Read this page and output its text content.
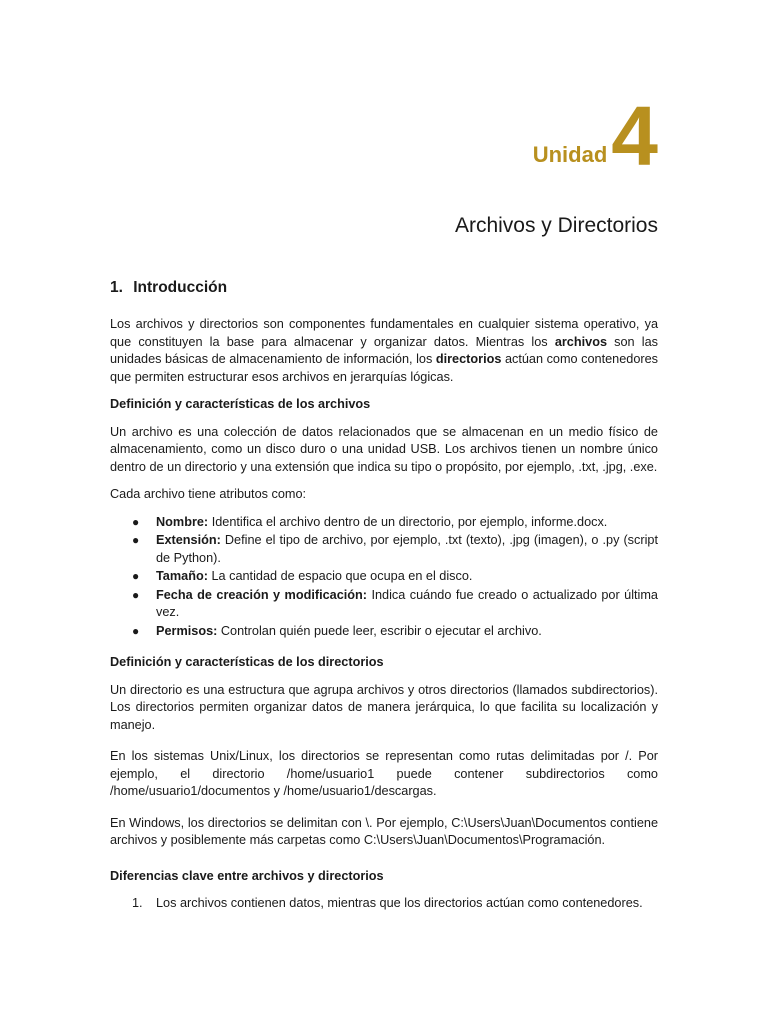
Unidad 4
Archivos y Directorios
1. Introducción

Los archivos y directorios son componentes fundamentales en cualquier sistema operativo, ya que constituyen la base para almacenar y organizar datos. Mientras los archivos son las unidades básicas de almacenamiento de información, los directorios actúan como contenedores que permiten estructurar esos archivos en jerarquías lógicas.

Definición y características de los archivos

Un archivo es una colección de datos relacionados que se almacenan en un medio físico de almacenamiento, como un disco duro o una unidad USB. Los archivos tienen un nombre único dentro de un directorio y una extensión que indica su tipo o propósito, por ejemplo, .txt, .jpg, .exe.

Cada archivo tiene atributos como:

● Nombre: Identifica el archivo dentro de un directorio, por ejemplo, informe.docx.
● Extensión: Define el tipo de archivo, por ejemplo, .txt (texto), .jpg (imagen), o .py (script de Python).
● Tamaño: La cantidad de espacio que ocupa en el disco.
● Fecha de creación y modificación: Indica cuándo fue creado o actualizado por última vez.
● Permisos: Controlan quién puede leer, escribir o ejecutar el archivo.
Definición y características de los directorios

Un directorio es una estructura que agrupa archivos y otros directorios (llamados subdirectorios). Los directorios permiten organizar datos de manera jerárquica, lo que facilita su localización y manejo.

En los sistemas Unix/Linux, los directorios se representan como rutas delimitadas por /. Por ejemplo, el directorio /home/usuario1 puede contener subdirectorios como /home/usuario1/documentos y /home/usuario1/descargas.

En Windows, los directorios se delimitan con \. Por ejemplo, C:\Users\Juan\Documentos contiene archivos y posiblemente más carpetas como C:\Users\Juan\Documentos\Programación.

Diferencias clave entre archivos y directorios
1. Los archivos contienen datos, mientras que los directorios actúan como contenedores.
